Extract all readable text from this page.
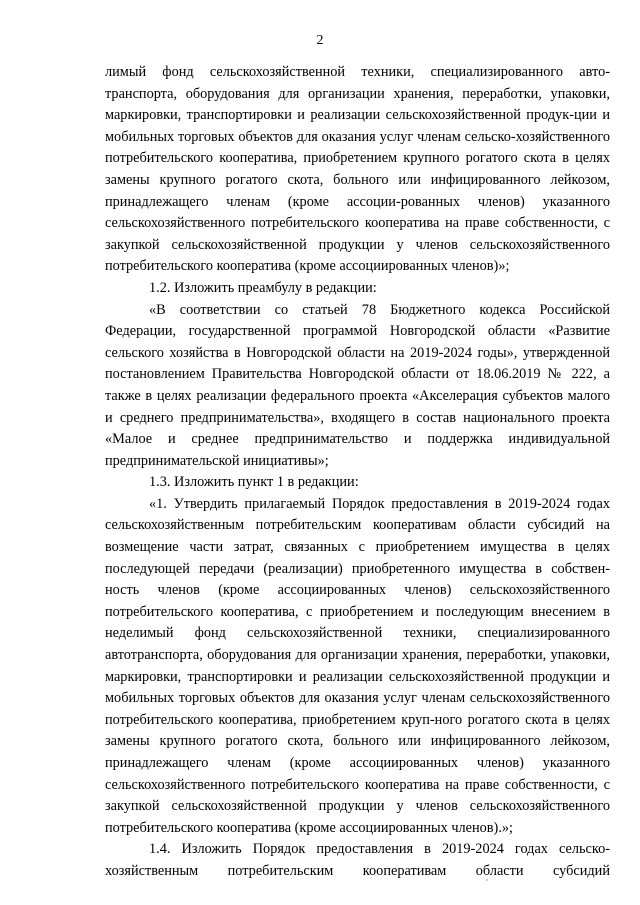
2

лимый фонд сельскохозяйственной техники, специализированного авто-транспорта, оборудования для организации хранения, переработки, упаковки, маркировки, транспортировки и реализации сельскохозяйственной продук-ции и мобильных торговых объектов для оказания услуг членам сельско-хозяйственного потребительского кооператива, приобретением крупного рогатого скота в целях замены крупного рогатого скота, больного или инфицированного лейкозом, принадлежащего членам (кроме ассоции-рованных членов) указанного сельскохозяйственного потребительского кооператива на праве собственности, с закупкой сельскохозяйственной продукции у членов сельскохозяйственного потребительского кооператива (кроме ассоциированных членов)»;

1.2. Изложить преамбулу в редакции:

«В соответствии со статьей 78 Бюджетного кодекса Российской Федерации, государственной программой Новгородской области «Развитие сельского хозяйства в Новгородской области на 2019-2024 годы», утвержденной постановлением Правительства Новгородской области от 18.06.2019 № 222, а также в целях реализации федерального проекта «Акселерация субъектов малого и среднего предпринимательства», входящего в состав национального проекта «Малое и среднее предпринимательство и поддержка индивидуальной предпринимательской инициативы»;

1.3. Изложить пункт 1 в редакции:

«1. Утвердить прилагаемый Порядок предоставления в 2019-2024 годах сельскохозяйственным потребительским кооперативам области субсидий на возмещение части затрат, связанных с приобретением имущества в целях последующей передачи (реализации) приобретенного имущества в собствен-ность членов (кроме ассоциированных членов) сельскохозяйственного потребительского кооператива, с приобретением и последующим внесением в неделимый фонд сельскохозяйственной техники, специализированного автотранспорта, оборудования для организации хранения, переработки, упаковки, маркировки, транспортировки и реализации сельскохозяйственной продукции и мобильных торговых объектов для оказания услуг членам сельскохозяйственного потребительского кооператива, приобретением круп-ного рогатого скота в целях замены крупного рогатого скота, больного или инфицированного лейкозом, принадлежащего членам (кроме ассоциированных членов) указанного сельскохозяйственного потребительского кооператива на праве собственности, с закупкой сельскохозяйственной продукции у членов сельскохозяйственного потребительского кооператива (кроме ассоциированных членов).»;

1.4. Изложить Порядок предоставления в 2019-2024 годах сельско-хозяйственным потребительским кооперативам области субсидий
